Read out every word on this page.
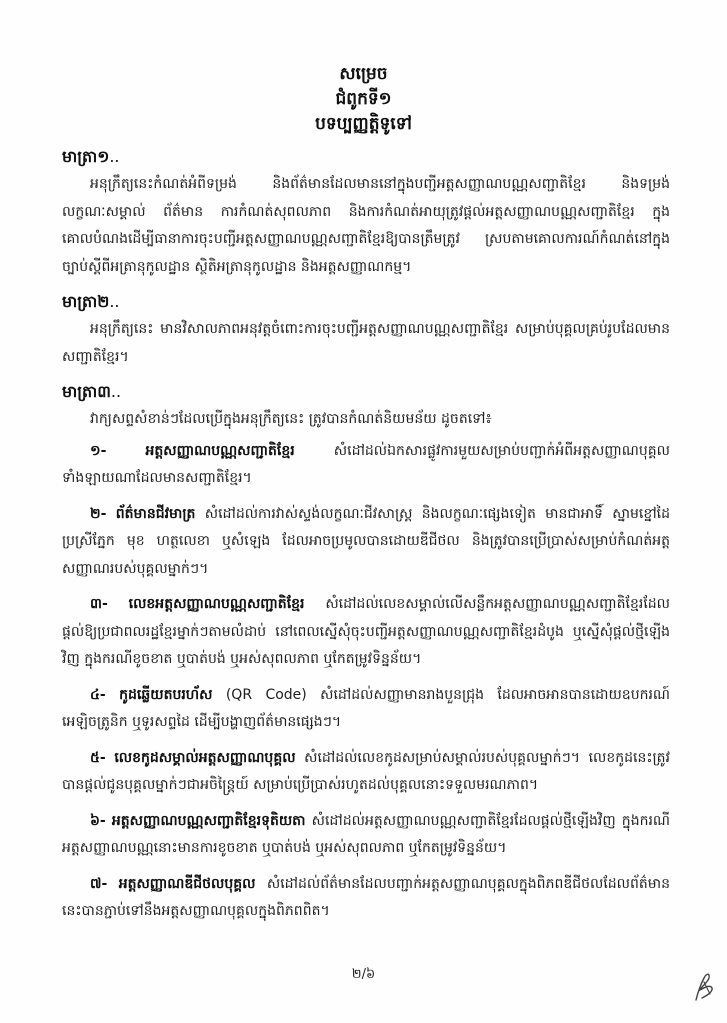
សម្រេច
ជំពូកទី១
បទប្បញ្ញត្តិទូទៅ
មាត្រា១..

អនុក្រឹត្យនេះកំណត់អំពីទម្រង់ និងព័ត៌មានដែលមាននៅក្នុងបញ្ជីអត្តសញ្ញាណបណ្ណសញ្ជាតិខ្មែរ និងទម្រង់ លក្ខណៈសម្គាល់ ព័ត៌មាន ការកំណត់សុពលភាព និងការកំណត់អាយុត្រូវផ្តល់អត្តសញ្ញាណបណ្ណសញ្ជាតិខ្មែរ ក្នុងគោលបំណងដើម្បីធានាការចុះបញ្ជីអត្តសញ្ញាណបណ្ណសញ្ជាតិខ្មែរឱ្យបានត្រឹមត្រូវ ស្របតាមគោលការណ៍កំណត់នៅក្នុងច្បាប់ស្តីពីអត្រានុកូលដ្ឋាន ស្ថិតិអត្រានុកូលដ្ឋាន និងអត្តសញ្ញាណកម្ម។

មាត្រា២..

អនុក្រឹត្យនេះ មានវិសាលភាពអនុវត្តចំពោះការចុះបញ្ជីអត្តសញ្ញាណបណ្ណសញ្ជាតិខ្មែរ សម្រាប់បុគ្គលគ្រប់រូបដែលមានសញ្ជាតិខ្មែរ។

មាត្រា៣..

វាក្យសព្ទសំខាន់ៗដែលប្រើក្នុងអនុក្រឹត្យនេះ ត្រូវបានកំណត់និយមន័យ ដូចតទៅ៖

១-	អត្តសញ្ញាណបណ្ណសញ្ជាតិខ្មែរ សំដៅដល់ឯកសារផ្លូវការមួយសម្រាប់បញ្ជាក់អំពីអត្តសញ្ញាណបុគ្គលទាំងឡាយណាដែលមានសញ្ជាតិខ្មែរ។

២- ព័ត៌មានជីវមាត្រ សំដៅដល់ការវាស់ស្ទង់លក្ខណៈជីវសាស្ត្រ និងលក្ខណៈផ្សេងទៀត មានជាអាទិ៍ ស្នាមខ្នៅដៃ ប្រស្រីភ្នែក មុខ ហត្ថលេខា ឬសំឡេង ដែលអាចប្រមូលបានដោយឌីជីថល និងត្រូវបានប្រើប្រាស់សម្រាប់កំណត់អត្តសញ្ញាណរបស់បុគ្គលម្នាក់ៗ។

៣- លេខអត្តសញ្ញាណបណ្ណសញ្ជាតិខ្មែរ សំដៅដល់លេខសម្គាល់លើសន្លឹកអត្តសញ្ញាណបណ្ណសញ្ជាតិខ្មែរដែលផ្តល់ឱ្យប្រជាពលរដ្ឋខ្មែរម្នាក់ៗតាមលំដាប់ នៅពេលស្នើសុំចុះបញ្ជីអត្តសញ្ញាណបណ្ណសញ្ជាតិខ្មែរដំបូង ឬស្នើសុំផ្តល់ថ្មីឡើងវិញ ក្នុងករណីខូចខាត ឬបាត់បង់ ឬអស់សុពលភាព ឬកែតម្រូវទិន្នន័យ។

៤- កូដឆ្លើយតបរហ័ស (QR Code) សំដៅដល់សញ្ញាមានរាងបួនជ្រុង ដែលអាចអានបានដោយឧបករណ៍អេឡិចត្រូនិក ឬទូរសព្ទដៃ ដើម្បីបង្ហាញព័ត៌មានផ្សេងៗ។

៥- លេខកូដសម្គាល់អត្តសញ្ញាណបុគ្គល សំដៅដល់លេខកូដសម្រាប់សម្គាល់របស់បុគ្គលម្នាក់ៗ។ លេខកូដនេះត្រូវបានផ្តល់ជូនបុគ្គលម្នាក់ៗជាអចិន្ត្រៃយ៍ សម្រាប់ប្រើប្រាស់រហូតដល់បុគ្គលនោះទទួលមរណភាព។

៦- អត្តសញ្ញាណបណ្ណសញ្ជាតិខ្មែរទុតិយតា សំដៅដល់អត្តសញ្ញាណបណ្ណសញ្ជាតិខ្មែរដែលផ្តល់ថ្មីឡើងវិញ ក្នុងករណីអត្តសញ្ញាណបណ្ណនោះមានការខូចខាត ឬបាត់បង់ ឬអស់សុពលភាព ឬកែតម្រូវទិន្នន័យ។

៧- អត្តសញ្ញាណឌីជីថលបុគ្គល សំដៅដល់ព័ត៌មានដែលបញ្ជាក់អត្តសញ្ញាណបុគ្គលក្នុងពិភពឌីជីថលដែលព័ត៌មាននេះបានភ្ជាប់ទៅនឹងអត្តសញ្ញាណបុគ្គលក្នុងពិភពពិត។

២/៦
